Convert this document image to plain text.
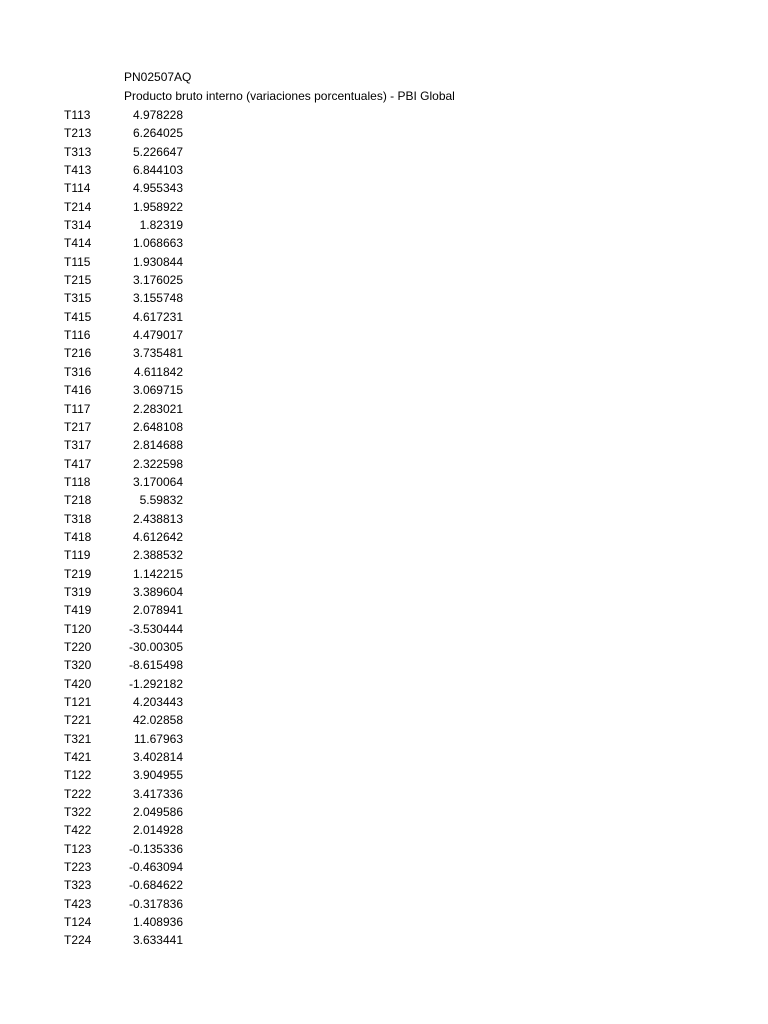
PN02507AQ
Producto bruto interno (variaciones porcentuales) - PBI Global
T113	4.978228
T213	6.264025
T313	5.226647
T413	6.844103
T114	4.955343
T214	1.958922
T314	1.82319
T414	1.068663
T115	1.930844
T215	3.176025
T315	3.155748
T415	4.617231
T116	4.479017
T216	3.735481
T316	4.611842
T416	3.069715
T117	2.283021
T217	2.648108
T317	2.814688
T417	2.322598
T118	3.170064
T218	5.59832
T318	2.438813
T418	4.612642
T119	2.388532
T219	1.142215
T319	3.389604
T419	2.078941
T120	-3.530444
T220	-30.00305
T320	-8.615498
T420	-1.292182
T121	4.203443
T221	42.02858
T321	11.67963
T421	3.402814
T122	3.904955
T222	3.417336
T322	2.049586
T422	2.014928
T123	-0.135336
T223	-0.463094
T323	-0.684622
T423	-0.317836
T124	1.408936
T224	3.633441
